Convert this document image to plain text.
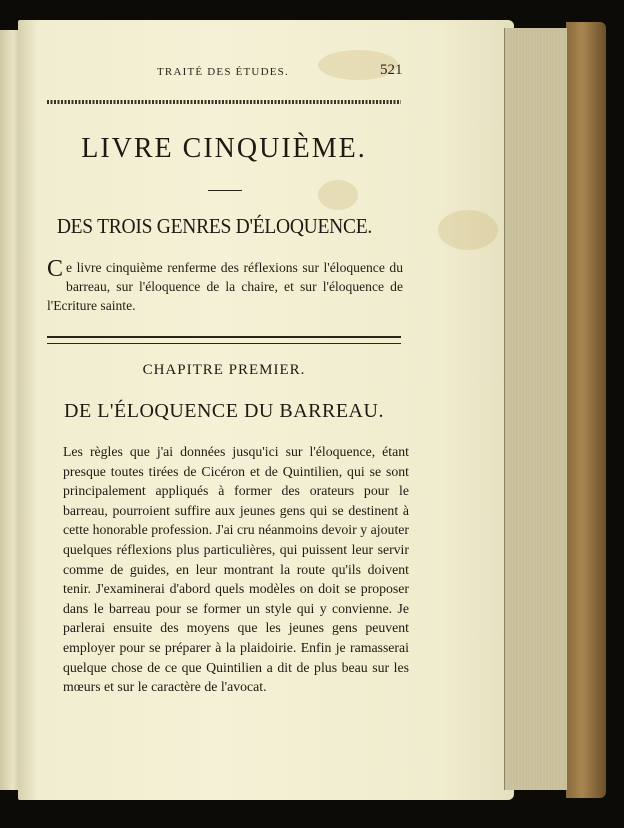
TRAITÉ DES ÉTUDES.	521
LIVRE CINQUIÈME.
DES TROIS GENRES D'ÉLOQUENCE.
Ce livre cinquième renferme des réflexions sur l'éloquence du barreau, sur l'éloquence de la chaire, et sur l'éloquence de l'Ecriture sainte.
CHAPITRE PREMIER.
DE L'ÉLOQUENCE DU BARREAU.

Les règles que j'ai données jusqu'ici sur l'éloquence, étant presque toutes tirées de Cicéron et de Quintilien, qui se sont principalement appliqués à former des orateurs pour le barreau, pourroient suffire aux jeunes gens qui se destinent à cette honorable profession. J'ai cru néanmoins devoir y ajouter quelques réflexions plus particulières, qui puissent leur servir comme de guides, en leur montrant la route qu'ils doivent tenir. J'examinerai d'abord quels modèles on doit se proposer dans le barreau pour se former un style qui y convienne. Je parlerai ensuite des moyens que les jeunes gens peuvent employer pour se préparer à la plaidoirie. Enfin je ramasserai quelque chose de ce que Quintilien a dit de plus beau sur les mœurs et sur le caractère de l'avocat.
